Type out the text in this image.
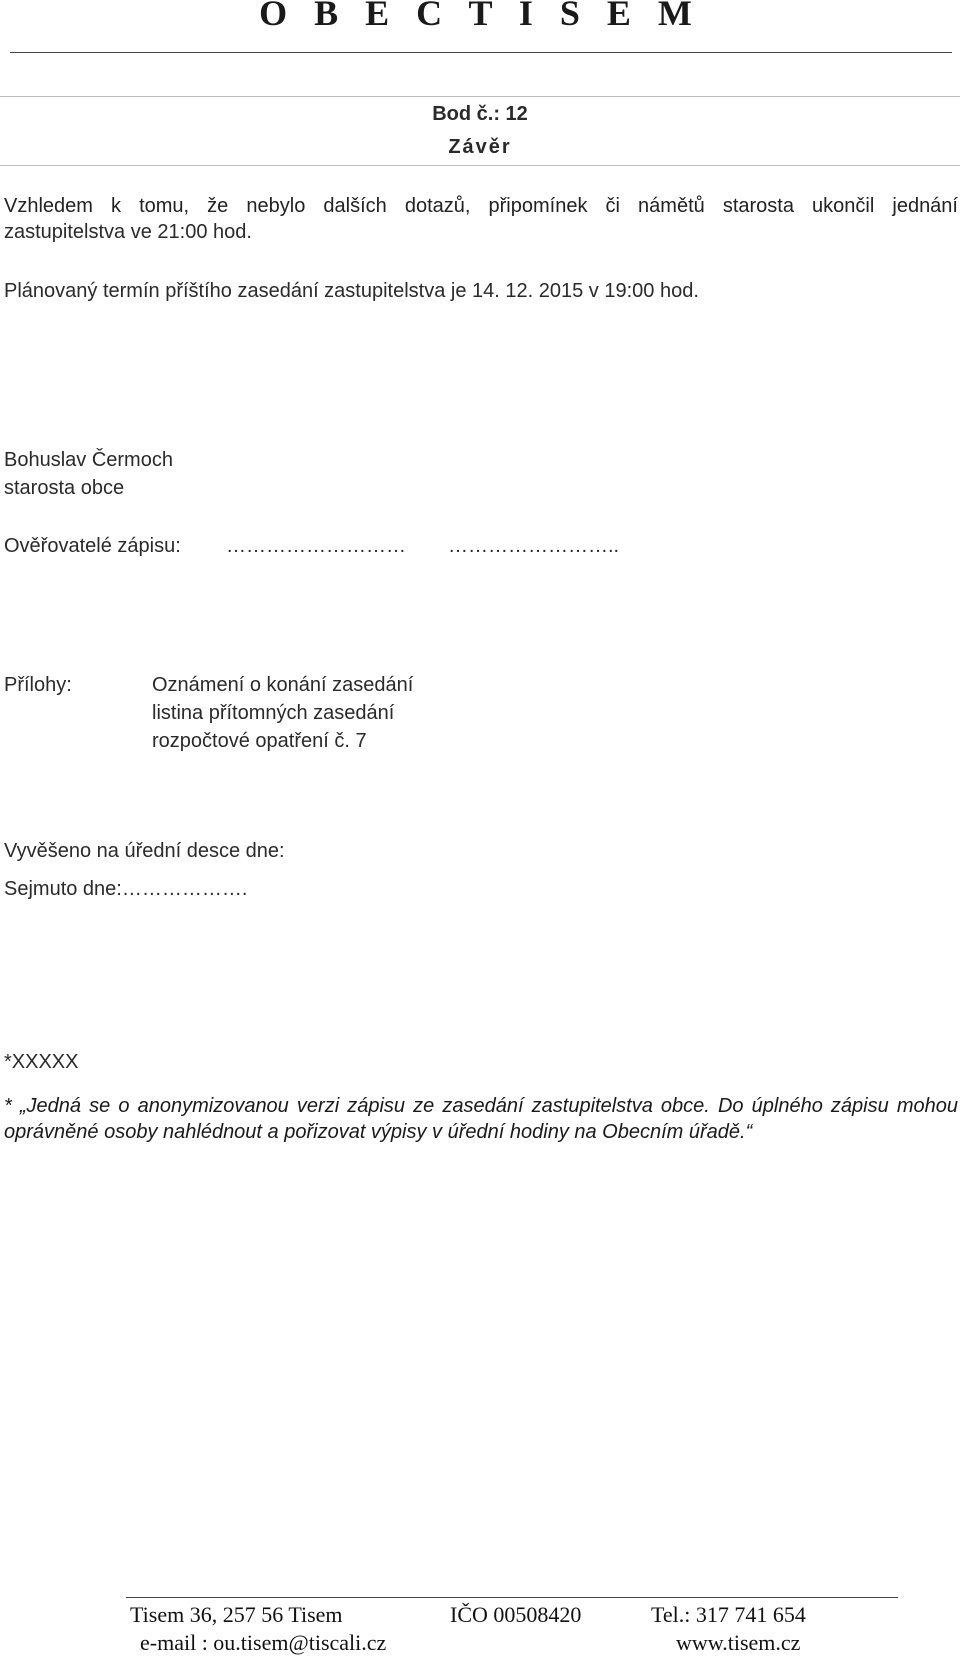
O B E C T I S E M
Bod č.: 12
Závěr
Vzhledem k tomu, že nebylo dalších dotazů, připomínek či námětů starosta ukončil jednání
zastupitelstva ve 21:00 hod.
Plánovaný termín příštího zasedání zastupitelstva je 14. 12. 2015 v 19:00 hod.
Bohuslav Čermoch
starosta obce
Ověřovatelé zápisu: ……………………… ……………………..
Přílohy:	Oznámení o konání zasedání
listina přítomných zasedání
rozpočtové opatření č. 7
Vyvěšeno na úřední desce dne:
Sejmuto dne:……………….
*XXXXX
* „Jedná se o anonymizovanou verzi zápisu ze zasedání zastupitelstva obce. Do úplného zápisu mohou
oprávněné osoby nahlédnout a pořizovat výpisy v úřední hodiny na Obecním úřadě.“
Tisem 36, 257 56 Tisem	IČO 00508420	Tel.: 317 741 654
e-mail : ou.tisem@tiscali.cz	www.tisem.cz
